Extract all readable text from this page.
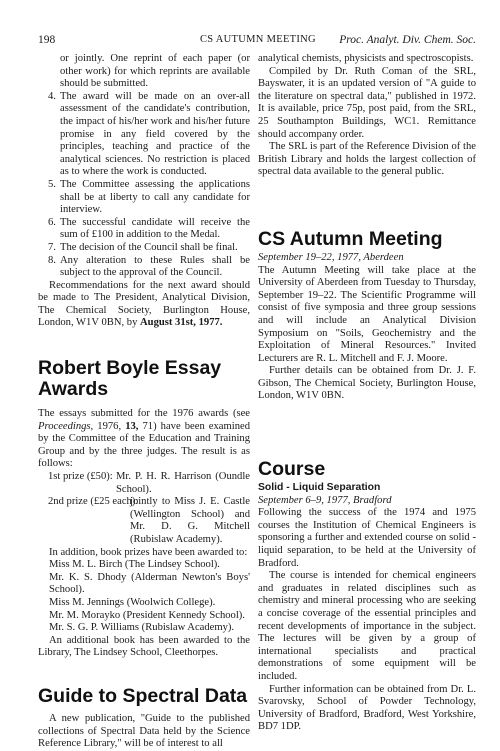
198	CS AUTUMN MEETING Proc. Analyt. Div. Chem. Soc.

or jointly. One reprint of each paper (or other work) for which reprints are available should be submitted.

4. The award will be made on an over-all assessment of the candidate's contribution, the impact of his/her work and his/her future promise in any field covered by the principles, teaching and practice of the analytical sciences. No restriction is placed as to where the work is conducted.
5. The Committee assessing the applications shall be at liberty to call any candidate for interview.
6. The successful candidate will receive the sum of £100 in addition to the Medal.
7. The decision of the Council shall be final.
8. Any alteration to these Rules shall be subject to the approval of the Council.

Recommendations for the next award should be made to The President, Analytical Division, The Chemical Society, Burlington House, London, W1V 0BN, by August 31st, 1977.

Robert Boyle Essay Awards

The essays submitted for the 1976 awards (see Proceedings, 1976, 13, 71) have been examined by the Committee of the Education and Training Group and by the three judges. The result is as follows:

1st prize (£50): Mr. P. H. R. Harrison (Oundle School).
2nd prize (£25 each):
jointly to Miss J. E. Castle (Wellington School) and Mr. D. G. Mitchell (Rubislaw Academy).

In addition, book prizes have been awarded to:

Miss M. L. Birch (The Lindsey School).

Mr. K. S. Dhody (Alderman Newton's Boys' School).

Miss M. Jennings (Woolwich College).

Mr. M. Morayko (President Kennedy School).

Mr. S. G. P. Williams (Rubislaw Academy).

An additional book has been awarded to the Library, The Lindsey School, Cleethorpes.

Guide to Spectral Data

A new publication, "Guide to the published collections of Spectral Data held by the Science Reference Library," will be of interest to all

analytical chemists, physicists and spectroscopists.

Compiled by Dr. Ruth Coman of the SRL, Bayswater, it is an updated version of "A guide to the literature on spectral data," published in 1972. It is available, price 75p, post paid, from the SRL, 25 Southampton Buildings, WC1. Remittance should accompany order.

The SRL is part of the Reference Division of the British Library and holds the largest collection of spectral data available to the general public.

CS Autumn Meeting

September 19–22, 1977, Aberdeen

The Autumn Meeting will take place at the University of Aberdeen from Tuesday to Thursday, September 19–22. The Scientific Programme will consist of five symposia and three group sessions and will include an Analytical Division Symposium on "Soils, Geochemistry and the Exploitation of Mineral Resources." Invited Lecturers are R. L. Mitchell and F. J. Moore.

Further details can be obtained from Dr. J. F. Gibson, The Chemical Society, Burlington House, London, W1V 0BN.

Course

Solid - Liquid Separation

September 6–9, 1977, Bradford

Following the success of the 1974 and 1975 courses the Institution of Chemical Engineers is sponsoring a further and extended course on solid - liquid separation, to be held at the University of Bradford.

The course is intended for chemical engineers and graduates in related disciplines such as chemistry and mineral processing who are seeking a concise coverage of the essential principles and recent developments of importance in the subject. The lectures will be given by a group of international specialists and practical demonstrations of some equipment will be included.

Further information can be obtained from Dr. L. Svarovsky, School of Powder Technology, University of Bradford, Bradford, West Yorkshire, BD7 1DP.
